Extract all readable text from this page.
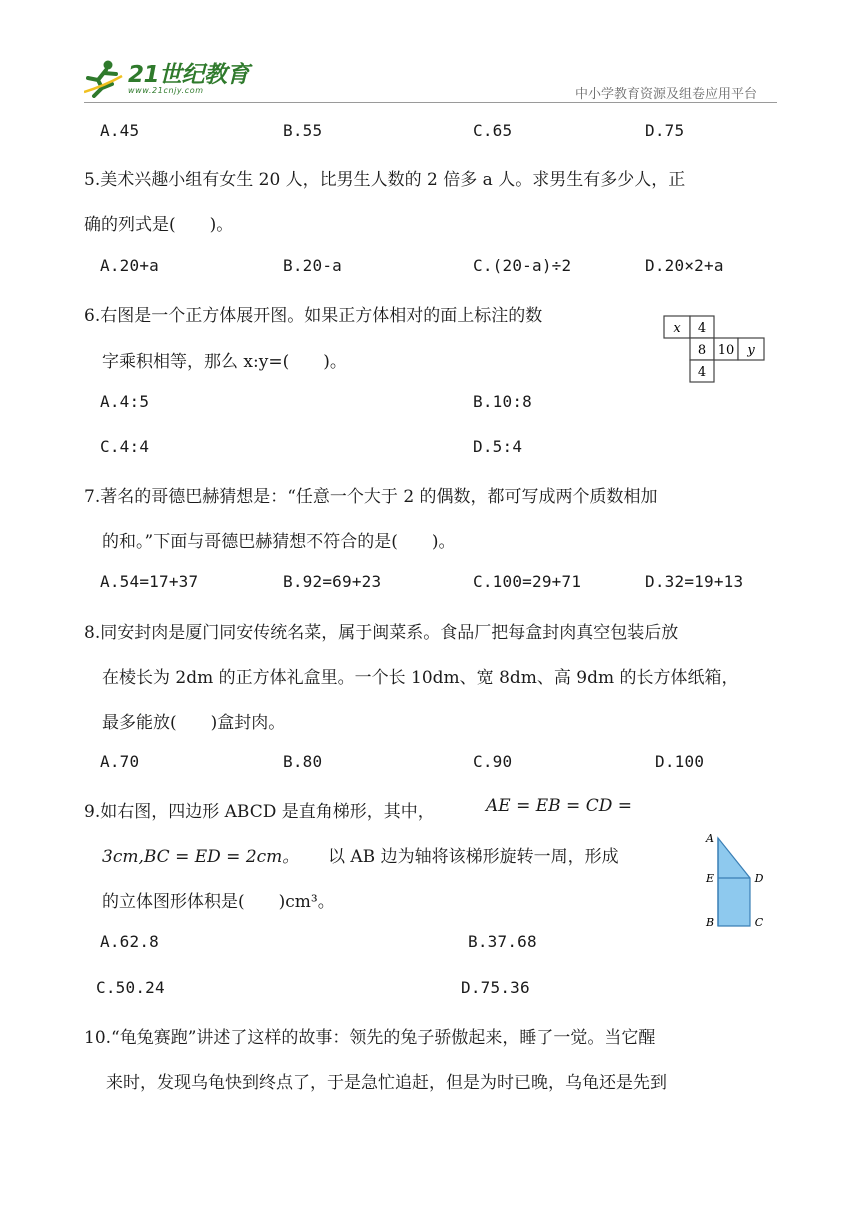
21世纪教育
www.21cnjy.com	中小学教育资源及组卷应用平台
A.45	B.55	C.65	D.75
5.美术兴趣小组有女生 20 人，比男生人数的 2 倍多 a 人。求男生有多少人，正
确的列式是(　　)。
A.20+a	B.20-a	C.(20-a)÷2	D.20×2+a
6.右图是一个正方体展开图。如果正方体相对的面上标注的数
字乘积相等，那么 x:y=(　　)。
x 4
8 10 y
4
A.4:5	B.10:8
C.4:4	D.5:4
7.著名的哥德巴赫猜想是：“任意一个大于 2 的偶数，都可写成两个质数相加
的和。”下面与哥德巴赫猜想不符合的是(　　)。
A.54=17+37	B.92=69+23	C.100=29+71	D.32=19+13
8.同安封肉是厦门同安传统名菜，属于闽菜系。食品厂把每盒封肉真空包装后放
在棱长为 2dm 的正方体礼盒里。一个长 10dm、宽 8dm、高 9dm 的长方体纸箱，
最多能放(　　)盒封肉。
A.70	B.80	C.90	D.100
9.如右图，四边形 ABCD 是直角梯形，其中，	AE = EB = CD =
3cm,BC = ED = 2cm。 以 AB 边为轴将该梯形旋转一周，形成
的立体图形体积是(　　)cm³。
A
E	D
B	C
A.62.8	B.37.68
C.50.24	D.75.36
10.“龟兔赛跑”讲述了这样的故事：领先的兔子骄傲起来，睡了一觉。当它醒
来时，发现乌龟快到终点了，于是急忙追赶，但是为时已晚，乌龟还是先到
